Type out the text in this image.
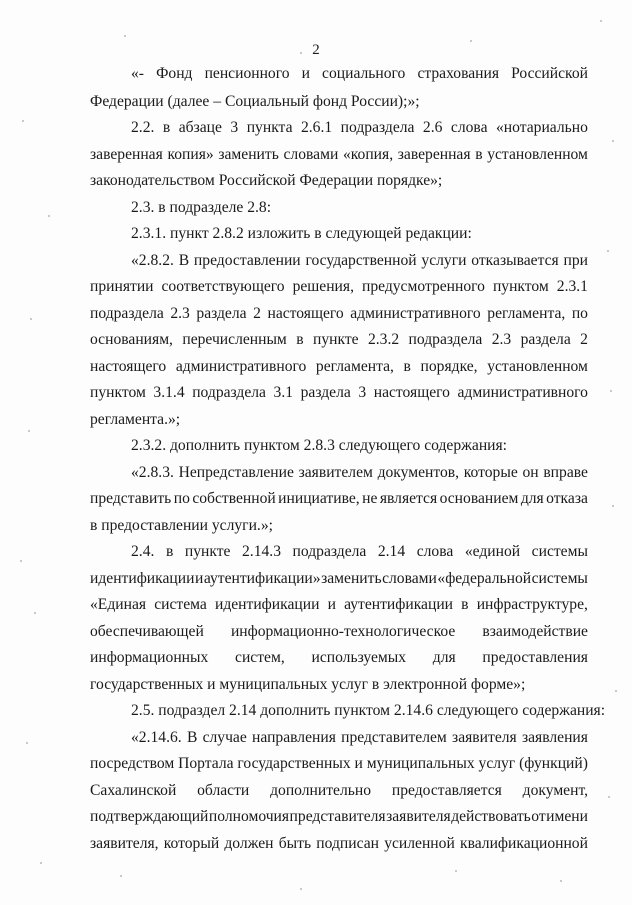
2
«- Фонд пенсионного и социального страхования Российской
Федерации (далее – Социальный фонд России);»;
2.2. в абзаце 3 пункта 2.6.1 подраздела 2.6 слова «нотариально
заверенная копия» заменить словами «копия, заверенная в установленном
законодательством Российской Федерации порядке»;
2.3. в подразделе 2.8:
2.3.1. пункт 2.8.2 изложить в следующей редакции:
«2.8.2. В предоставлении государственной услуги отказывается при
принятии соответствующего решения, предусмотренного пунктом 2.3.1
подраздела 2.3 раздела 2 настоящего административного регламента, по
основаниям, перечисленным в пункте 2.3.2 подраздела 2.3 раздела 2
настоящего административного регламента, в порядке, установленном
пунктом 3.1.4 подраздела 3.1 раздела 3 настоящего административного
регламента.»;
2.3.2. дополнить пунктом 2.8.3 следующего содержания:
«2.8.3. Непредставление заявителем документов, которые он вправе
представить по собственной инициативе, не является основанием для отказа
в предоставлении услуги.»;
2.4. в пункте 2.14.3 подраздела 2.14 слова «единой системы
идентификации и аутентификации» заменить словами «федеральной системы
«Единая система идентификации и аутентификации в инфраструктуре,
обеспечивающей информационно-технологическое взаимодействие
информационных систем, используемых для предоставления
государственных и муниципальных услуг в электронной форме»;
2.5. подраздел 2.14 дополнить пунктом 2.14.6 следующего содержания:
«2.14.6. В случае направления представителем заявителя заявления
посредством Портала государственных и муниципальных услуг (функций)
Сахалинской области дополнительно предоставляется документ,
подтверждающий полномочия представителя заявителя действовать от имени
заявителя, который должен быть подписан усиленной квалификационной
